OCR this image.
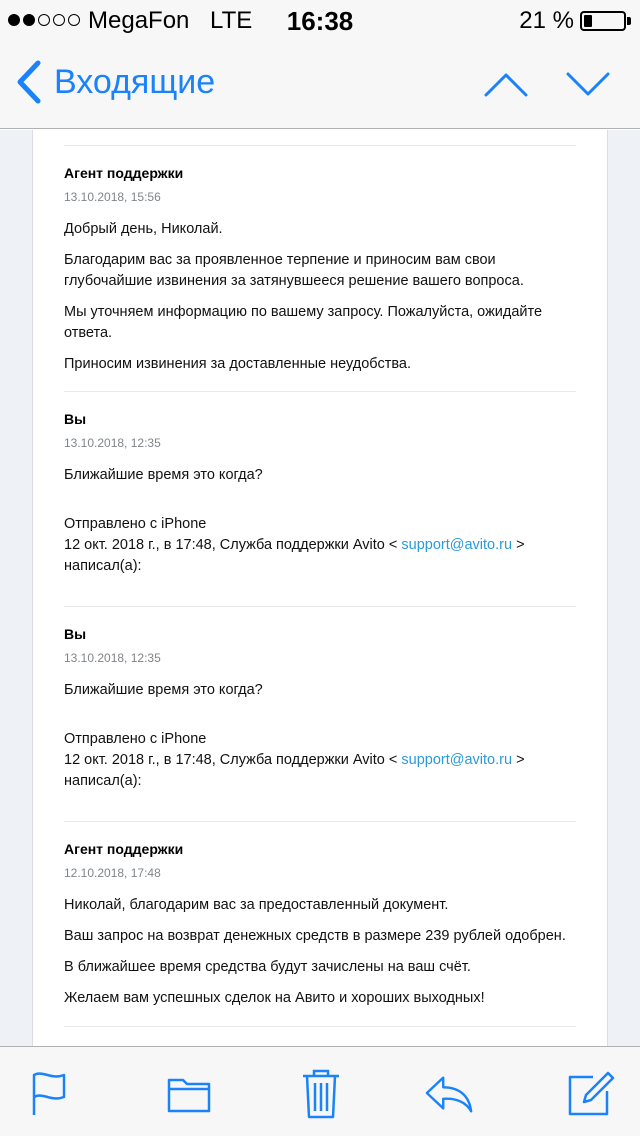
MegaFon LTE	16:38	21 %
Входящие
Агент поддержки
13.10.2018, 15:56

Добрый день, Николай.

Благодарим вас за проявленное терпение и приносим вам свои глубочайшие извинения за затянувшееся решение вашего вопроса.

Мы уточняем информацию по вашему запросу. Пожалуйста, ожидайте ответа.

Приносим извинения за доставленные неудобства.

Вы
13.10.2018, 12:35

Ближайшие время это когда?

Отправлено с iPhone
12 окт. 2018 г., в 17:48, Служба поддержки Avito < support@avito.ru >
написал(а):
Вы
13.10.2018, 12:35

Ближайшие время это когда?

Отправлено с iPhone
12 окт. 2018 г., в 17:48, Служба поддержки Avito < support@avito.ru >
написал(а):
Агент поддержки
12.10.2018, 17:48

Николай, благодарим вас за предоставленный документ.

Ваш запрос на возврат денежных средств в размере 239 рублей одобрен.

В ближайшее время средства будут зачислены на ваш счёт.

Желаем вам успешных сделок на Авито и хороших выходных!
